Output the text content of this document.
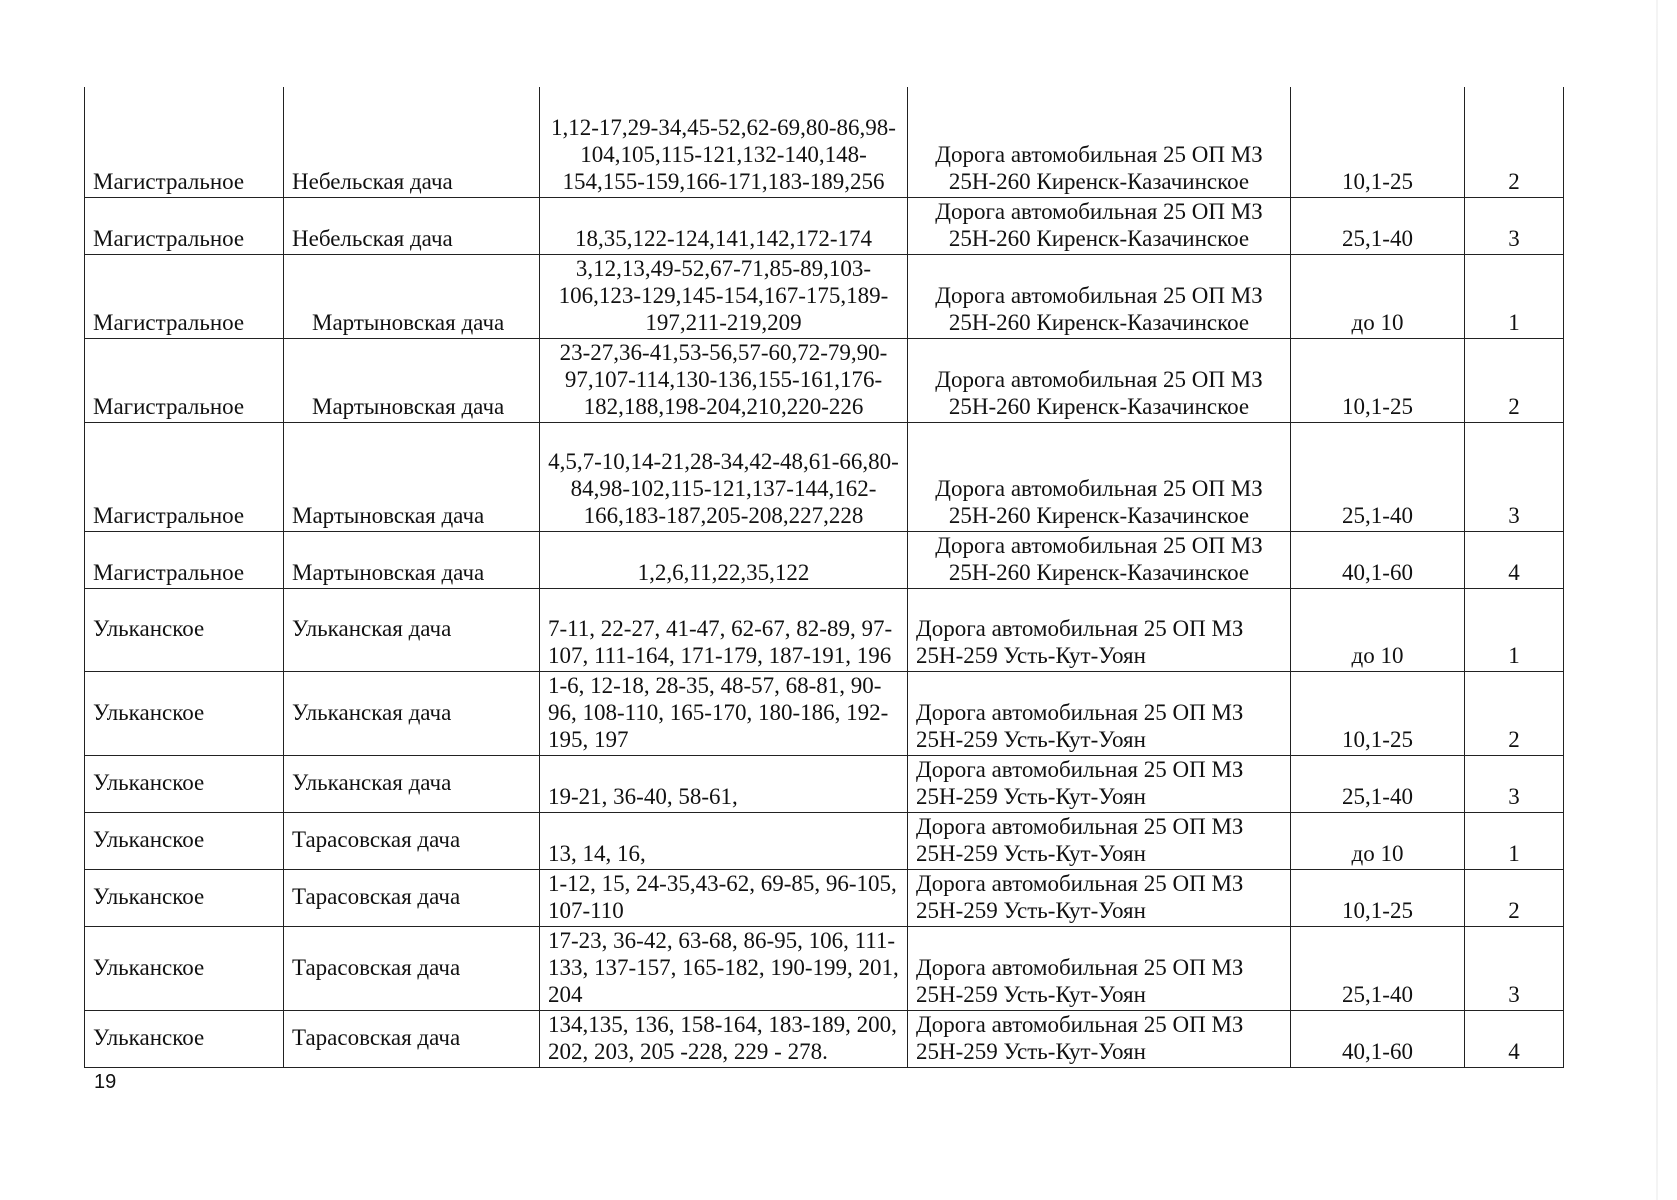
Магистральное	Небельская дача	1,12-17,29-34,45-52,62-69,80-86,98-104,105,115-121,132-140,148-154,155-159,166-171,183-189,256	Дорога автомобильная 25 ОП МЗ 25Н-260 Киренск-Казачинское	10,1-25	2
Магистральное	Небельская дача	18,35,122-124,141,142,172-174	Дорога автомобильная 25 ОП МЗ 25Н-260 Киренск-Казачинское	25,1-40	3
Магистральное	Мартыновская дача	3,12,13,49-52,67-71,85-89,103-106,123-129,145-154,167-175,189-197,211-219,209	Дорога автомобильная 25 ОП МЗ 25Н-260 Киренск-Казачинское	до 10	1
Магистральное	Мартыновская дача	23-27,36-41,53-56,57-60,72-79,90-97,107-114,130-136,155-161,176-182,188,198-204,210,220-226	Дорога автомобильная 25 ОП МЗ 25Н-260 Киренск-Казачинское	10,1-25	2
Магистральное	Мартыновская дача	4,5,7-10,14-21,28-34,42-48,61-66,80-84,98-102,115-121,137-144,162-166,183-187,205-208,227,228	Дорога автомобильная 25 ОП МЗ 25Н-260 Киренск-Казачинское	25,1-40	3
Магистральное	Мартыновская дача	1,2,6,11,22,35,122	Дорога автомобильная 25 ОП МЗ 25Н-260 Киренск-Казачинское	40,1-60	4
Ульканское	Ульканская дача	7-11, 22-27, 41-47, 62-67, 82-89, 97-107, 111-164, 171-179, 187-191, 196	Дорога автомобильная 25 ОП МЗ 25Н-259 Усть-Кут-Уоян	до 10	1
Ульканское	Ульканская дача	1-6, 12-18, 28-35, 48-57, 68-81, 90-96, 108-110, 165-170, 180-186, 192-195, 197	Дорога автомобильная 25 ОП МЗ 25Н-259 Усть-Кут-Уоян	10,1-25	2
Ульканское	Ульканская дача	19-21, 36-40, 58-61,	Дорога автомобильная 25 ОП МЗ 25Н-259 Усть-Кут-Уоян	25,1-40	3
Ульканское	Тарасовская дача	13, 14, 16,	Дорога автомобильная 25 ОП МЗ 25Н-259 Усть-Кут-Уоян	до 10	1
Ульканское	Тарасовская дача	1-12, 15, 24-35,43-62, 69-85, 96-105, 107-110	Дорога автомобильная 25 ОП МЗ 25Н-259 Усть-Кут-Уоян	10,1-25	2
Ульканское	Тарасовская дача	17-23, 36-42, 63-68, 86-95, 106, 111-133, 137-157, 165-182, 190-199, 201, 204	Дорога автомобильная 25 ОП МЗ 25Н-259 Усть-Кут-Уоян	25,1-40	3
Ульканское	Тарасовская дача	134,135, 136, 158-164, 183-189, 200, 202, 203, 205 -228, 229 - 278.	Дорога автомобильная 25 ОП МЗ 25Н-259 Усть-Кут-Уоян	40,1-60	4
19
